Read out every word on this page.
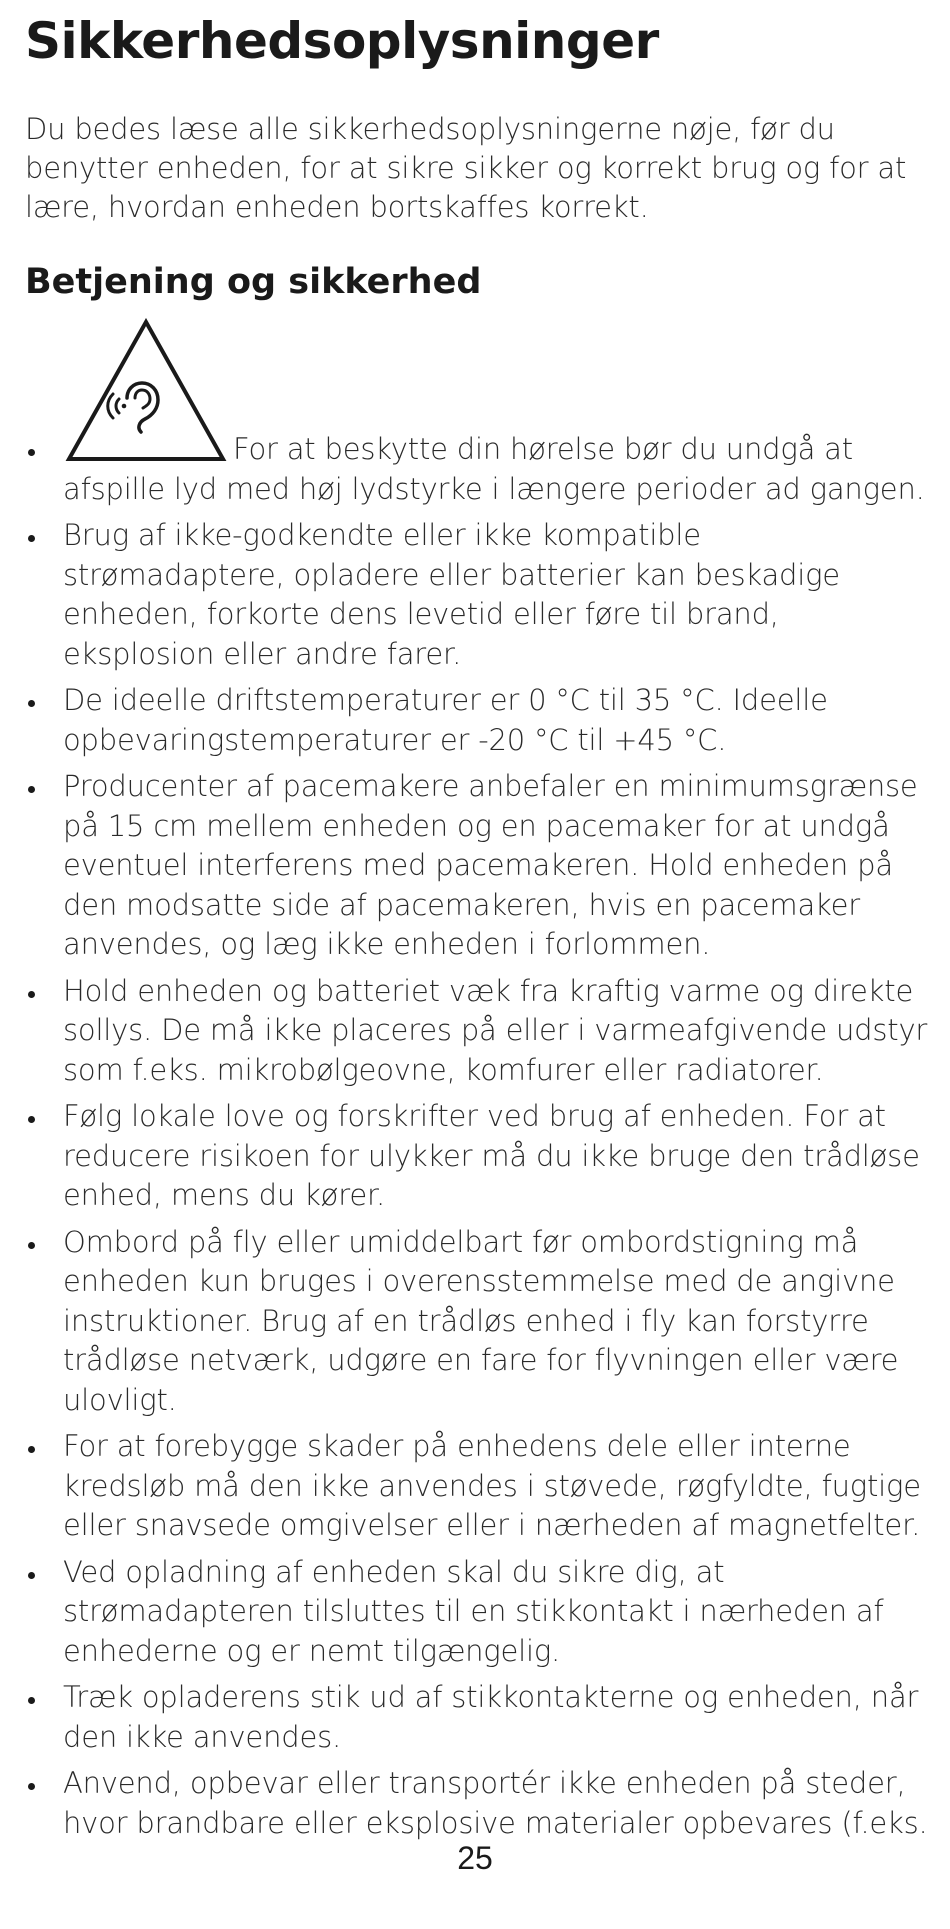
Sikkerhedsoplysninger

Du bedes læse alle sikkerhedsoplysningerne nøje, før du benytter enheden, for at sikre sikker og korrekt brug og for at lære, hvordan enheden bortskaffes korrekt.

Betjening og sikkerhed
For at beskytte din hørelse bør du undgå at afspille lyd med høj lydstyrke i længere perioder ad gangen.
Brug af ikke-godkendte eller ikke kompatible strømadaptere, opladere eller batterier kan beskadige enheden, forkorte dens levetid eller føre til brand, eksplosion eller andre farer.
De ideelle driftstemperaturer er 0 °C til 35 °C. Ideelle opbevaringstemperaturer er -20 °C til +45 °C.
Producenter af pacemakere anbefaler en minimumsgrænse på 15 cm mellem enheden og en pacemaker for at undgå eventuel interferens med pacemakeren. Hold enheden på den modsatte side af pacemakeren, hvis en pacemaker anvendes, og læg ikke enheden i forlommen.
Hold enheden og batteriet væk fra kraftig varme og direkte sollys. De må ikke placeres på eller i varmeafgivende udstyr som f.eks. mikrobølgeovne, komfurer eller radiatorer.
Følg lokale love og forskrifter ved brug af enheden. For at reducere risikoen for ulykker må du ikke bruge den trådløse enhed, mens du kører.
Ombord på fly eller umiddelbart før ombordstigning må enheden kun bruges i overensstemmelse med de angivne instruktioner. Brug af en trådløs enhed i fly kan forstyrre trådløse netværk, udgøre en fare for flyvningen eller være ulovligt.
For at forebygge skader på enhedens dele eller interne kredsløb må den ikke anvendes i støvede, røgfyldte, fugtige eller snavsede omgivelser eller i nærheden af magnetfelter.
Ved opladning af enheden skal du sikre dig, at strømadapteren tilsluttes til en stikkontakt i nærheden af enhederne og er nemt tilgængelig.
Træk opladerens stik ud af stikkontakterne og enheden, når den ikke anvendes.
Anvend, opbevar eller transportér ikke enheden på steder, hvor brandbare eller eksplosive materialer opbevares (f.eks.
25
